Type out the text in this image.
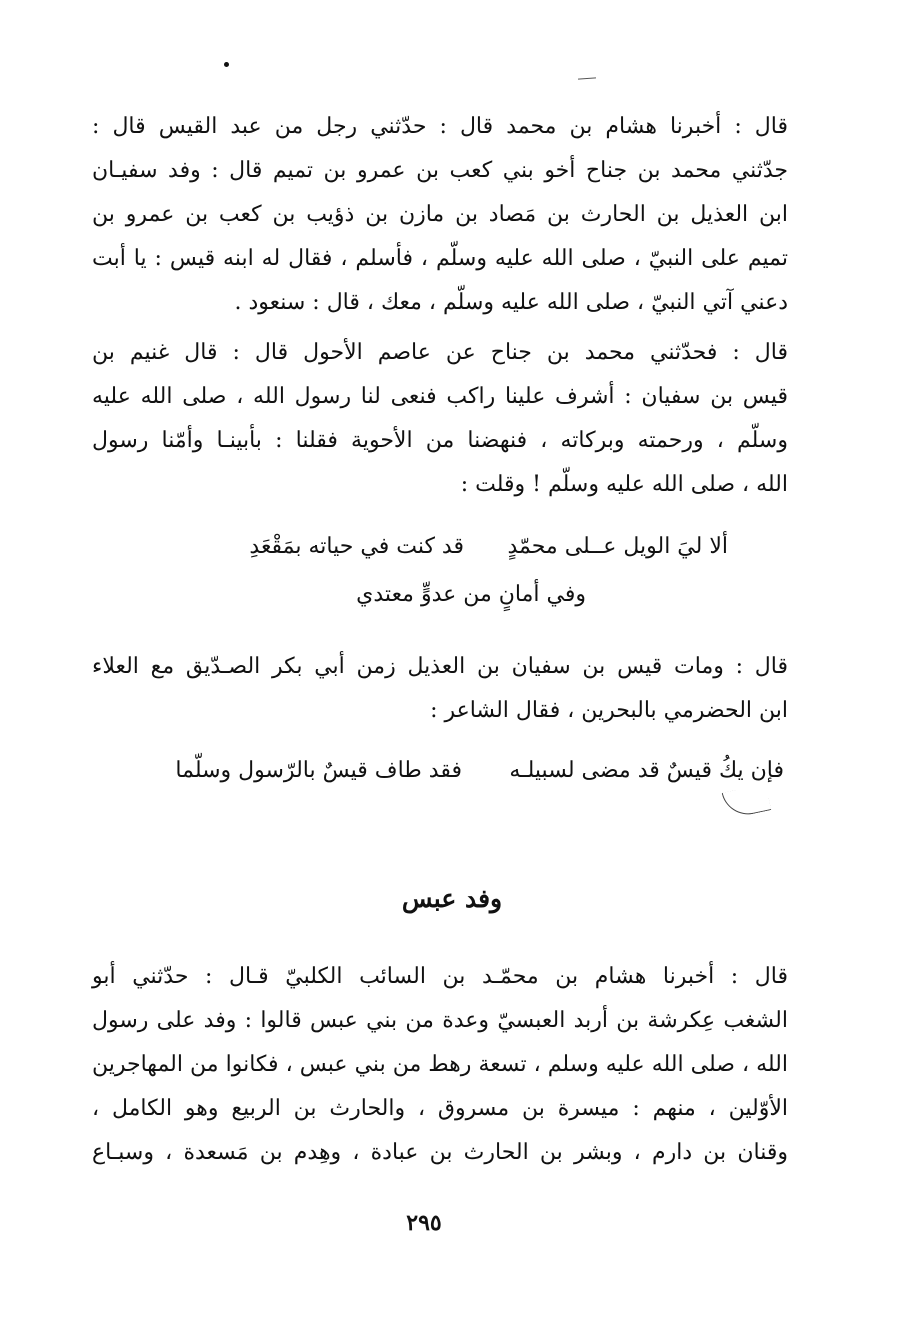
قال : أخبرنا هشام بن محمد قال : حدّثني رجل من عبد القيس قال :

جدّثني محمد بن جناح أخو بني كعب بن عمرو بن تميم قال : وفد سفيـان

ابن العذيل بن الحارث بن مَصاد بن مازن بن ذؤيب بن كعب بن عمرو بن

تميم على النبيّ ، صلى الله عليه وسلّم ، فأسلم ، فقال له ابنه قيس : يا أبت

دعني آتي النبيّ ، صلى الله عليه وسلّم ، معك ، قال : سنعود .

قال : فحدّثني محمد بن جناح عن عاصم الأحول قال : قال غنيم بن

قيس بن سفيان : أشرف علينا راكب فنعى لنا رسول الله ، صلى الله عليه

وسلّم ، ورحمته وبركاته ، فنهضنا من الأحوية فقلنا : بأبينـا وأمّنا رسول

الله ، صلى الله عليه وسلّم ! وقلت :

ألا ليَ الويل عــلى محمّدٍ

قد كنت في حياته بمَقْعَدِ

وفي أمانٍ من عدوٍّ معتدي

قال : ومات قيس بن سفيان بن العذيل زمن أبي بكر الصـدّيق مع العلاء

ابن الحضرمي بالبحرين ، فقال الشاعر :

فإن يكُ قيسٌ قد مضى لسبيلـه

فقد طاف قيسٌ بالرّسول وسلّما

وفد عبس

قال : أخبرنا هشام بن محمّـد بن السائب الكلبيّ قـال : حدّثني أبو

الشغب عِكرشة بن أربد العبسيّ وعدة من بني عبس قالوا : وفد على رسول

الله ، صلى الله عليه وسلم ، تسعة رهط من بني عبس ، فكانوا من المهاجرين

الأوّلين ، منهم : ميسرة بن مسروق ، والحارث بن الربيع وهو الكامل ،

وقنان بن دارم ، وبشر بن الحارث بن عبادة ، وهِدم بن مَسعدة ، وسبـاع

٢٩٥
